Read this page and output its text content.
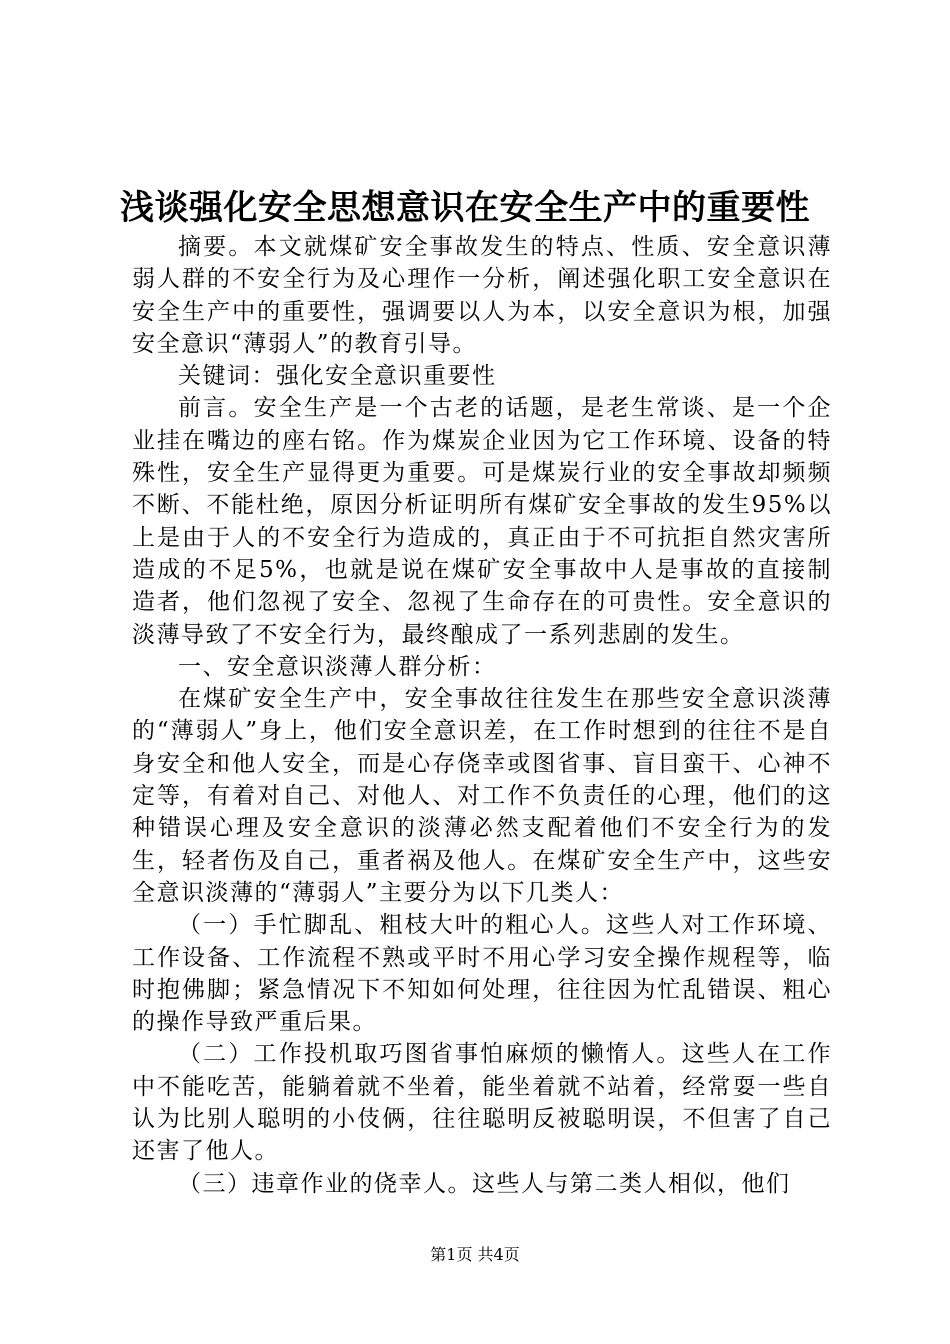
浅谈强化安全思想意识在安全生产中的重要性

摘要。本文就煤矿安全事故发生的特点、性质、安全意识薄弱人群的不安全行为及心理作一分析，阐述强化职工安全意识在安全生产中的重要性，强调要以人为本，以安全意识为根，加强安全意识“薄弱人”的教育引导。

关键词：强化安全意识重要性

前言。安全生产是一个古老的话题，是老生常谈、是一个企业挂在嘴边的座右铭。作为煤炭企业因为它工作环境、设备的特殊性，安全生产显得更为重要。可是煤炭行业的安全事故却频频不断、不能杜绝，原因分析证明所有煤矿安全事故的发生95%以上是由于人的不安全行为造成的，真正由于不可抗拒自然灾害所造成的不足5%，也就是说在煤矿安全事故中人是事故的直接制造者，他们忽视了安全、忽视了生命存在的可贵性。安全意识的淡薄导致了不安全行为，最终酿成了一系列悲剧的发生。

一、安全意识淡薄人群分析：

在煤矿安全生产中，安全事故往往发生在那些安全意识淡薄的“薄弱人”身上，他们安全意识差，在工作时想到的往往不是自身安全和他人安全，而是心存侥幸或图省事、盲目蛮干、心神不定等，有着对自己、对他人、对工作不负责任的心理，他们的这种错误心理及安全意识的淡薄必然支配着他们不安全行为的发生，轻者伤及自己，重者祸及他人。在煤矿安全生产中，这些安全意识淡薄的“薄弱人”主要分为以下几类人：

（一）手忙脚乱、粗枝大叶的粗心人。这些人对工作环境、工作设备、工作流程不熟或平时不用心学习安全操作规程等，临时抱佛脚；紧急情况下不知如何处理，往往因为忙乱错误、粗心的操作导致严重后果。

（二）工作投机取巧图省事怕麻烦的懒惰人。这些人在工作中不能吃苦，能躺着就不坐着，能坐着就不站着，经常耍一些自认为比别人聪明的小伎俩，往往聪明反被聪明误，不但害了自己还害了他人。

（三）违章作业的侥幸人。这些人与第二类人相似，他们

第1页 共4页
